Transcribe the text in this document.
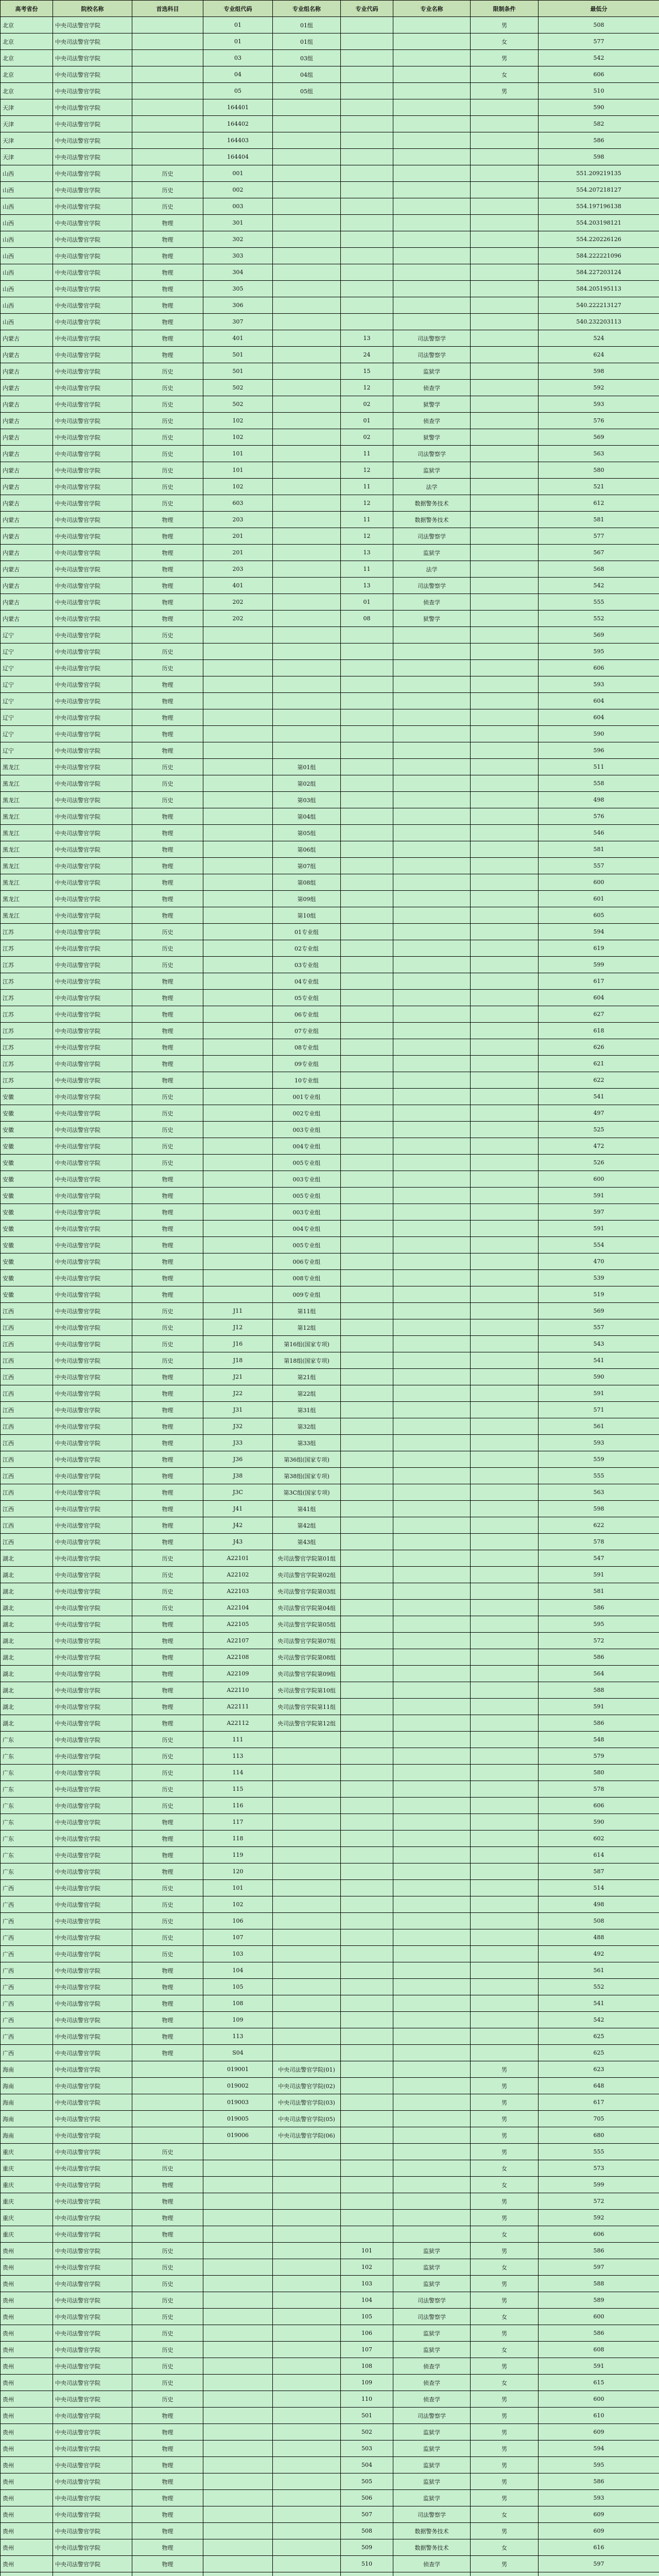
高考省份	院校名称	首选科目	专业组代码	专业组名称	专业代码	专业名称	限制条件	最低分
北京	中央司法警官学院		01	01组			男	508
北京	中央司法警官学院		01	01组			女	577
北京	中央司法警官学院		03	03组			男	542
北京	中央司法警官学院		04	04组			女	606
北京	中央司法警官学院		05	05组			男	510
天津	中央司法警官学院		164401					590
天津	中央司法警官学院		164402					582
天津	中央司法警官学院		164403					586
天津	中央司法警官学院		164404					598
山西	中央司法警官学院	历史	001					551.209219135
山西	中央司法警官学院	历史	002					554.207218127
山西	中央司法警官学院	历史	003					554.197196138
山西	中央司法警官学院	物理	301					554.203198121
山西	中央司法警官学院	物理	302					554.220226126
山西	中央司法警官学院	物理	303					584.222221096
山西	中央司法警官学院	物理	304					584.227203124
山西	中央司法警官学院	物理	305					584.205195113
山西	中央司法警官学院	物理	306					540.222213127
山西	中央司法警官学院	物理	307					540.232203113
内蒙古	中央司法警官学院	物理	401		13	司法警察学		524
内蒙古	中央司法警官学院	物理	501		24	司法警察学		624
内蒙古	中央司法警官学院	历史	501		15	监狱学		598
内蒙古	中央司法警官学院	历史	502		12	侦查学		592
内蒙古	中央司法警官学院	历史	502		02	狱警学		593
内蒙古	中央司法警官学院	历史	102		01	侦查学		576
内蒙古	中央司法警官学院	历史	102		02	狱警学		569
内蒙古	中央司法警官学院	历史	101		11	司法警察学		563
内蒙古	中央司法警官学院	历史	101		12	监狱学		580
内蒙古	中央司法警官学院	历史	102		11	法学		521
内蒙古	中央司法警官学院	历史	603		12	数据警务技术		612
内蒙古	中央司法警官学院	物理	203		11	数据警务技术		581
内蒙古	中央司法警官学院	物理	201		12	司法警察学		577
内蒙古	中央司法警官学院	物理	201		13	监狱学		567
内蒙古	中央司法警官学院	物理	203		11	法学		568
内蒙古	中央司法警官学院	物理	401		13	司法警察学		542
内蒙古	中央司法警官学院	物理	202		01	侦查学		555
内蒙古	中央司法警官学院	物理	202		08	狱警学		552
辽宁	中央司法警官学院	历史						569
辽宁	中央司法警官学院	历史						595
辽宁	中央司法警官学院	历史						606
辽宁	中央司法警官学院	物理						593
辽宁	中央司法警官学院	物理						604
辽宁	中央司法警官学院	物理						604
辽宁	中央司法警官学院	物理						590
辽宁	中央司法警官学院	物理						596
黑龙江	中央司法警官学院	历史		第01组				511
黑龙江	中央司法警官学院	历史		第02组				558
黑龙江	中央司法警官学院	历史		第03组				498
黑龙江	中央司法警官学院	物理		第04组				576
黑龙江	中央司法警官学院	物理		第05组				546
黑龙江	中央司法警官学院	物理		第06组				581
黑龙江	中央司法警官学院	物理		第07组				557
黑龙江	中央司法警官学院	物理		第08组				600
黑龙江	中央司法警官学院	物理		第09组				601
黑龙江	中央司法警官学院	物理		第10组				605
江苏	中央司法警官学院	历史		01专业组				594
江苏	中央司法警官学院	历史		02专业组				619
江苏	中央司法警官学院	历史		03专业组				599
江苏	中央司法警官学院	物理		04专业组				617
江苏	中央司法警官学院	物理		05专业组				604
江苏	中央司法警官学院	物理		06专业组				627
江苏	中央司法警官学院	物理		07专业组				618
江苏	中央司法警官学院	物理		08专业组				626
江苏	中央司法警官学院	物理		09专业组				621
江苏	中央司法警官学院	物理		10专业组				622
安徽	中央司法警官学院	历史		001专业组				541
安徽	中央司法警官学院	历史		002专业组				497
安徽	中央司法警官学院	历史		003专业组				525
安徽	中央司法警官学院	历史		004专业组				472
安徽	中央司法警官学院	历史		005专业组				526
安徽	中央司法警官学院	物理		003专业组				600
安徽	中央司法警官学院	物理		005专业组				591
安徽	中央司法警官学院	物理		003专业组				597
安徽	中央司法警官学院	物理		004专业组				591
安徽	中央司法警官学院	物理		005专业组				554
安徽	中央司法警官学院	物理		006专业组				470
安徽	中央司法警官学院	物理		008专业组				539
安徽	中央司法警官学院	物理		009专业组				519
江西	中央司法警官学院	历史	J11	第11组				569
江西	中央司法警官学院	历史	J12	第12组				557
江西	中央司法警官学院	历史	J16	第16组(国家专项)				543
江西	中央司法警官学院	历史	J18	第18组(国家专项)				541
江西	中央司法警官学院	物理	J21	第21组				590
江西	中央司法警官学院	物理	J22	第22组				591
江西	中央司法警官学院	物理	J31	第31组				571
江西	中央司法警官学院	物理	J32	第32组				561
江西	中央司法警官学院	物理	J33	第33组				593
江西	中央司法警官学院	物理	J36	第36组(国家专项)				559
江西	中央司法警官学院	物理	J38	第38组(国家专项)				555
江西	中央司法警官学院	物理	J3C	第3C组(国家专项)				563
江西	中央司法警官学院	物理	J41	第41组				598
江西	中央司法警官学院	物理	J42	第42组				622
江西	中央司法警官学院	物理	J43	第43组				578
湖北	中央司法警官学院	历史	A22101	央司法警官学院第01组				547
湖北	中央司法警官学院	历史	A22102	央司法警官学院第02组				591
湖北	中央司法警官学院	历史	A22103	央司法警官学院第03组				581
湖北	中央司法警官学院	历史	A22104	央司法警官学院第04组				586
湖北	中央司法警官学院	物理	A22105	央司法警官学院第05组				595
湖北	中央司法警官学院	物理	A22107	央司法警官学院第07组				572
湖北	中央司法警官学院	物理	A22108	央司法警官学院第08组				586
湖北	中央司法警官学院	物理	A22109	央司法警官学院第09组				564
湖北	中央司法警官学院	物理	A22110	央司法警官学院第10组				588
湖北	中央司法警官学院	物理	A22111	央司法警官学院第11组				591
湖北	中央司法警官学院	物理	A22112	央司法警官学院第12组				586
广东	中央司法警官学院	历史	111					548
广东	中央司法警官学院	历史	113					579
广东	中央司法警官学院	历史	114					580
广东	中央司法警官学院	历史	115					578
广东	中央司法警官学院	历史	116					606
广东	中央司法警官学院	物理	117					590
广东	中央司法警官学院	物理	118					602
广东	中央司法警官学院	物理	119					614
广东	中央司法警官学院	物理	120					587
广西	中央司法警官学院	历史	101					514
广西	中央司法警官学院	历史	102					498
广西	中央司法警官学院	历史	106					508
广西	中央司法警官学院	历史	107					488
广西	中央司法警官学院	历史	103					492
广西	中央司法警官学院	物理	104					561
广西	中央司法警官学院	物理	105					552
广西	中央司法警官学院	物理	108					541
广西	中央司法警官学院	物理	109					542
广西	中央司法警官学院	物理	113					625
广西	中央司法警官学院	物理	S04					625
海南	中央司法警官学院		019001	中央司法警官学院(01)			男	623
海南	中央司法警官学院		019002	中央司法警官学院(02)			男	648
海南	中央司法警官学院		019003	中央司法警官学院(03)			男	617
海南	中央司法警官学院		019005	中央司法警官学院(05)			男	705
海南	中央司法警官学院		019006	中央司法警官学院(06)			男	680
重庆	中央司法警官学院	历史					男	555
重庆	中央司法警官学院	历史					女	573
重庆	中央司法警官学院	物理					女	599
重庆	中央司法警官学院	物理					男	572
重庆	中央司法警官学院	物理					男	592
重庆	中央司法警官学院	物理					女	606
贵州	中央司法警官学院	历史			101	监狱学	男	586
贵州	中央司法警官学院	历史			102	监狱学	女	597
贵州	中央司法警官学院	历史			103	监狱学	男	588
贵州	中央司法警官学院	历史			104	司法警察学	男	589
贵州	中央司法警官学院	历史			105	司法警察学	女	600
贵州	中央司法警官学院	历史			106	监狱学	男	586
贵州	中央司法警官学院	历史			107	监狱学	女	608
贵州	中央司法警官学院	历史			108	侦查学	男	591
贵州	中央司法警官学院	历史			109	侦查学	女	615
贵州	中央司法警官学院	历史			110	侦查学	男	600
贵州	中央司法警官学院	物理			501	司法警察学	男	610
贵州	中央司法警官学院	物理			502	监狱学	男	609
贵州	中央司法警官学院	物理			503	监狱学	男	594
贵州	中央司法警官学院	物理			504	监狱学	男	595
贵州	中央司法警官学院	物理			505	监狱学	男	586
贵州	中央司法警官学院	物理			506	监狱学	男	593
贵州	中央司法警官学院	物理			507	司法警察学	女	609
贵州	中央司法警官学院	物理			508	数据警务技术	男	609
贵州	中央司法警官学院	物理			509	数据警务技术	女	616
贵州	中央司法警官学院	物理			510	侦查学	男	597
